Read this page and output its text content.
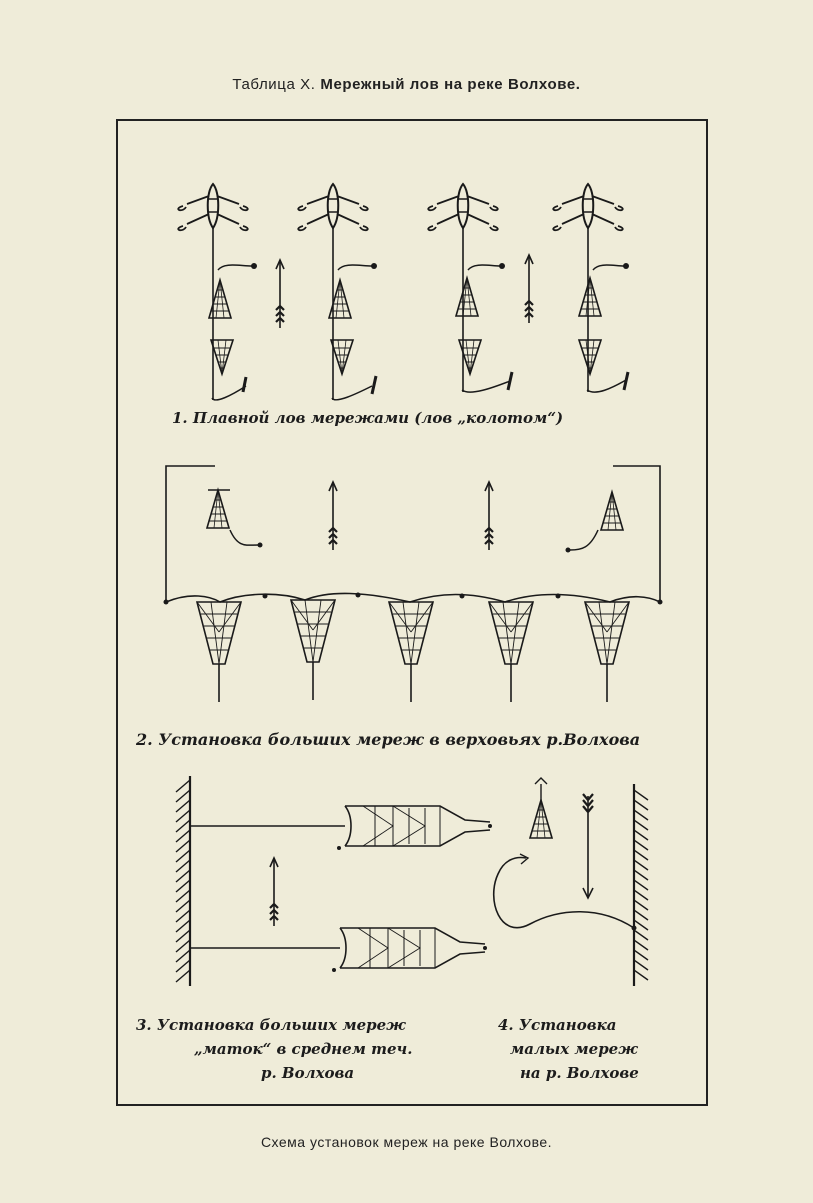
Таблица X. Мережный лов на реке Волхове.
1. Плавной лов мережами (лов „колотом“)
2. Установка больших мереж в верховьях р.Волхова
3. Установка больших мереж
„маток“ в среднем теч.
р. Волхова
4. Установка
малых мереж
на р. Волхове
Схема установок мереж на реке Волхове.
